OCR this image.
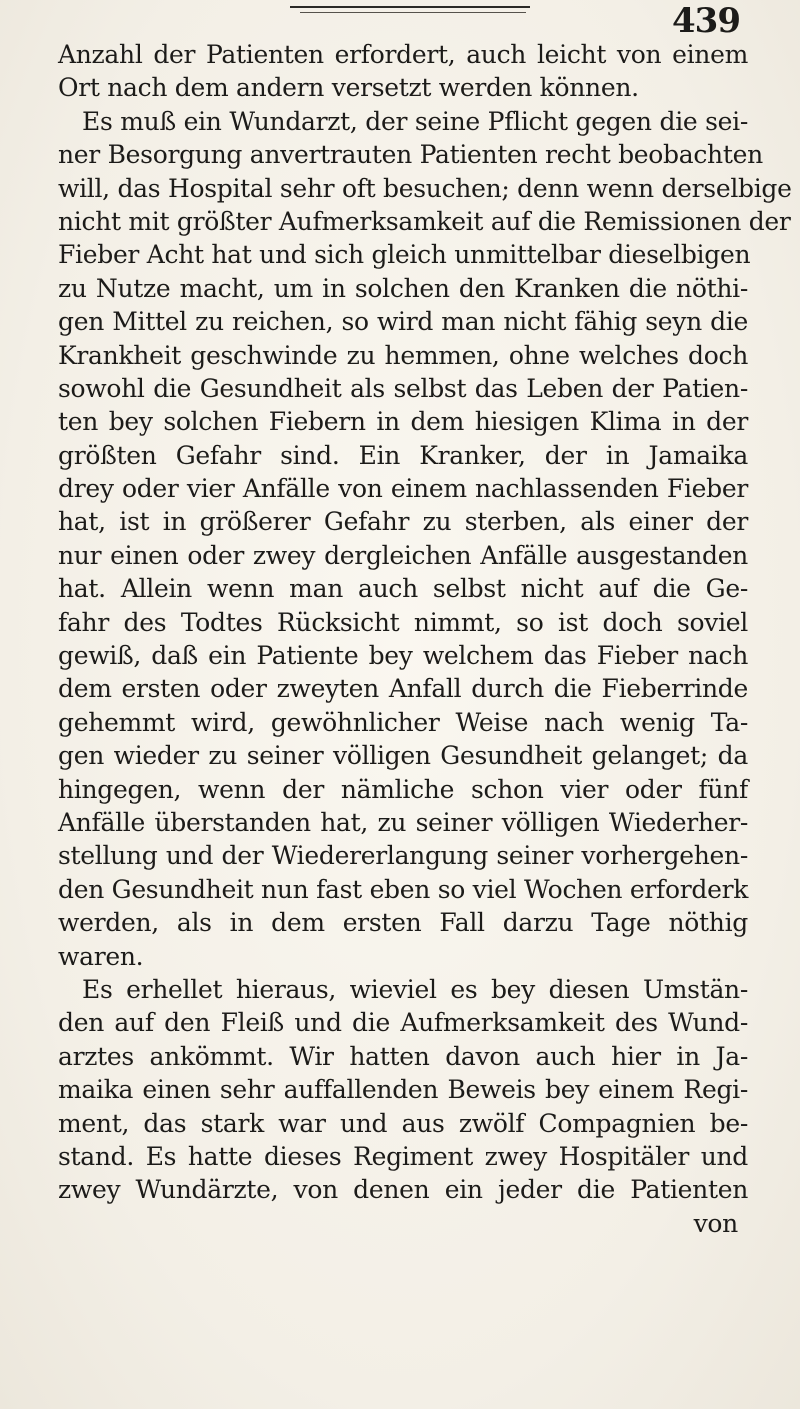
439
Anzahl der Patienten erfordert, auch leicht von einem
Ort nach dem andern versetzt werden können.
Es muß ein Wundarzt, der seine Pflicht gegen die sei-
ner Besorgung anvertrauten Patienten recht beobachten
will, das Hospital sehr oft besuchen; denn wenn derselbige
nicht mit größter Aufmerksamkeit auf die Remissionen der
Fieber Acht hat und sich gleich unmittelbar dieselbigen
zu Nutze macht, um in solchen den Kranken die nöthi-
gen Mittel zu reichen, so wird man nicht fähig seyn die
Krankheit geschwinde zu hemmen, ohne welches doch
sowohl die Gesundheit als selbst das Leben der Patien-
ten bey solchen Fiebern in dem hiesigen Klima in der
größten Gefahr sind. Ein Kranker, der in Jamaika
drey oder vier Anfälle von einem nachlassenden Fieber
hat, ist in größerer Gefahr zu sterben, als einer der
nur einen oder zwey dergleichen Anfälle ausgestanden
hat. Allein wenn man auch selbst nicht auf die Ge-
fahr des Todtes Rücksicht nimmt, so ist doch soviel
gewiß, daß ein Patiente bey welchem das Fieber nach
dem ersten oder zweyten Anfall durch die Fieberrinde
gehemmt wird, gewöhnlicher Weise nach wenig Ta-
gen wieder zu seiner völligen Gesundheit gelanget; da
hingegen, wenn der nämliche schon vier oder fünf
Anfälle überstanden hat, zu seiner völligen Wiederher-
stellung und der Wiedererlangung seiner vorhergehen-
den Gesundheit nun fast eben so viel Wochen erforderk
werden, als in dem ersten Fall darzu Tage nöthig
waren.
Es erhellet hieraus, wieviel es bey diesen Umstän-
den auf den Fleiß und die Aufmerksamkeit des Wund-
arztes ankömmt. Wir hatten davon auch hier in Ja-
maika einen sehr auffallenden Beweis bey einem Regi-
ment, das stark war und aus zwölf Compagnien be-
stand. Es hatte dieses Regiment zwey Hospitäler und
zwey Wundärzte, von denen ein jeder die Patienten
von
